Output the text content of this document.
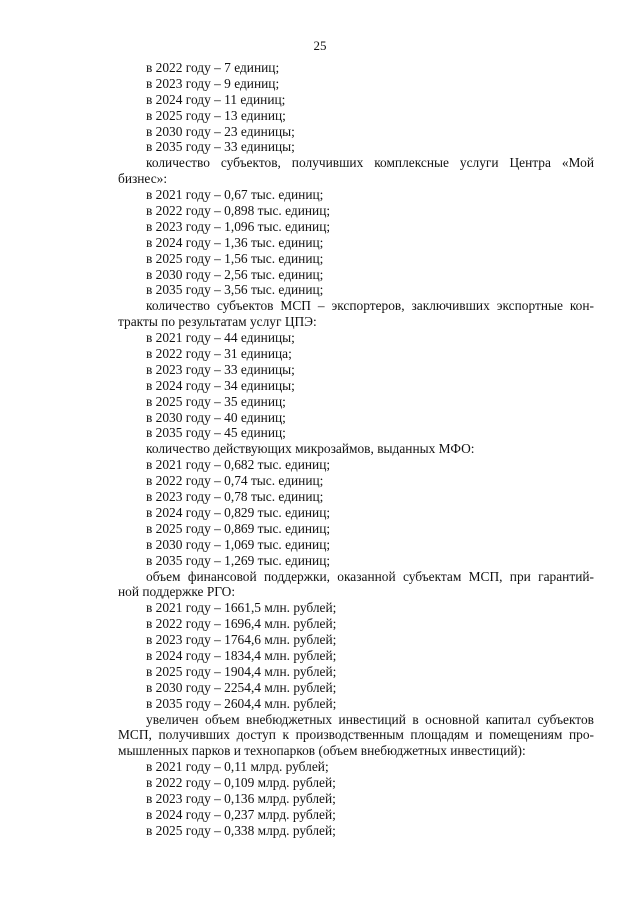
25
в 2022 году – 7 единиц;
в 2023 году – 9 единиц;
в 2024 году – 11 единиц;
в 2025 году – 13 единиц;
в 2030 году – 23 единицы;
в 2035 году – 33 единицы;
количество субъектов, получивших комплексные услуги Центра «Мой
бизнес»:
в 2021 году – 0,67 тыс. единиц;
в 2022 году – 0,898 тыс. единиц;
в 2023 году – 1,096 тыс. единиц;
в 2024 году – 1,36 тыс. единиц;
в 2025 году – 1,56 тыс. единиц;
в 2030 году – 2,56 тыс. единиц;
в 2035 году – 3,56 тыс. единиц;
количество субъектов МСП – экспортеров, заключивших экспортные кон-
тракты по результатам услуг ЦПЭ:
в 2021 году – 44 единицы;
в 2022 году – 31 единица;
в 2023 году – 33 единицы;
в 2024 году – 34 единицы;
в 2025 году – 35 единиц;
в 2030 году – 40 единиц;
в 2035 году – 45 единиц;
количество действующих микрозаймов, выданных МФО:
в 2021 году – 0,682 тыс. единиц;
в 2022 году – 0,74 тыс. единиц;
в 2023 году – 0,78 тыс. единиц;
в 2024 году – 0,829 тыс. единиц;
в 2025 году – 0,869 тыс. единиц;
в 2030 году – 1,069 тыс. единиц;
в 2035 году – 1,269 тыс. единиц;
объем финансовой поддержки, оказанной субъектам МСП, при гарантий-
ной поддержке РГО:
в 2021 году – 1661,5 млн. рублей;
в 2022 году – 1696,4 млн. рублей;
в 2023 году – 1764,6 млн. рублей;
в 2024 году – 1834,4 млн. рублей;
в 2025 году – 1904,4 млн. рублей;
в 2030 году – 2254,4 млн. рублей;
в 2035 году – 2604,4 млн. рублей;
увеличен объем внебюджетных инвестиций в основной капитал субъектов
МСП, получивших доступ к производственным площадям и помещениям про-
мышленных парков и технопарков (объем внебюджетных инвестиций):
в 2021 году – 0,11 млрд. рублей;
в 2022 году – 0,109 млрд. рублей;
в 2023 году – 0,136 млрд. рублей;
в 2024 году – 0,237 млрд. рублей;
в 2025 году – 0,338 млрд. рублей;
